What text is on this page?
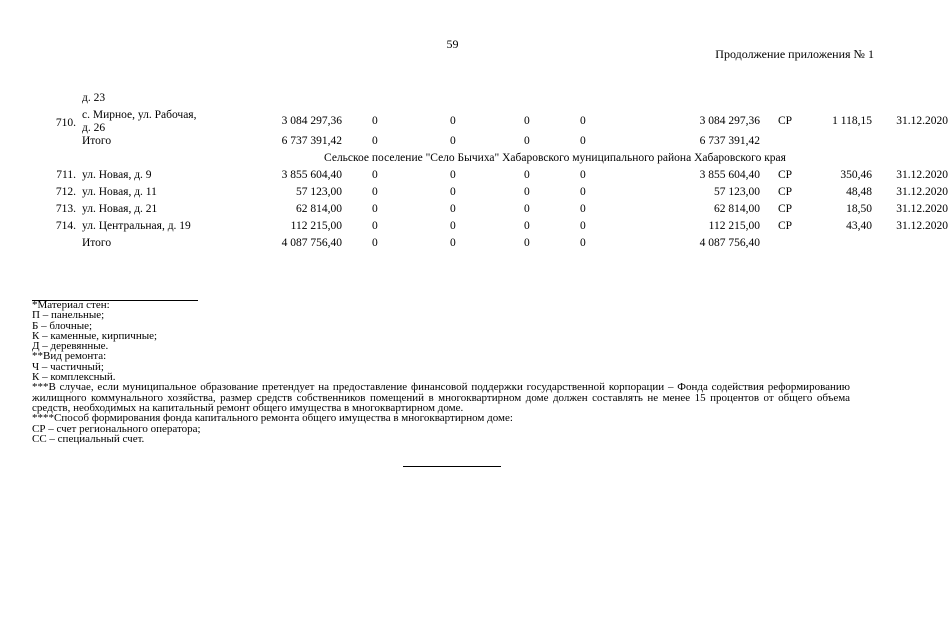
59
Продолжение приложения № 1
	д. 23									
710.	с. Мирное, ул. Рабочая,
д. 26	3 084 297,36	0	0	0	0	3 084 297,36	СР	1 118,15	31.12.2020
	Итого	6 737 391,42	0	0	0	0	6 737 391,42			
Сельское поселение "Село Бычиха" Хабаровского муниципального района Хабаровского края										
711.	ул. Новая, д. 9	3 855 604,40	0	0	0	0	3 855 604,40	СР	350,46	31.12.2020
712.	ул. Новая, д. 11	57 123,00	0	0	0	0	57 123,00	СР	48,48	31.12.2020
713.	ул. Новая, д. 21	62 814,00	0	0	0	0	62 814,00	СР	18,50	31.12.2020
714.	ул. Центральная, д. 19	112 215,00	0	0	0	0	112 215,00	СР	43,40	31.12.2020
	Итого	4 087 756,40	0	0	0	0	4 087 756,40			
*Материал стен:
П – панельные;
Б – блочные;
К – каменные, кирпичные;
Д – деревянные.
**Вид ремонта:
Ч – частичный;
К – комплексный.
***В случае, если муниципальное образование претендует на предоставление финансовой поддержки государственной корпорации – Фонда содействия реформированию жилищного коммунального хозяйства, размер средств собственников помещений в многоквартирном доме должен составлять не менее 15 процентов от общего объема средств, необходимых на капитальный ремонт общего имущества в многоквартирном доме.
****Способ формирования фонда капитального ремонта общего имущества в многоквартирном доме:
СР – счет регионального оператора;
СС – специальный счет.
